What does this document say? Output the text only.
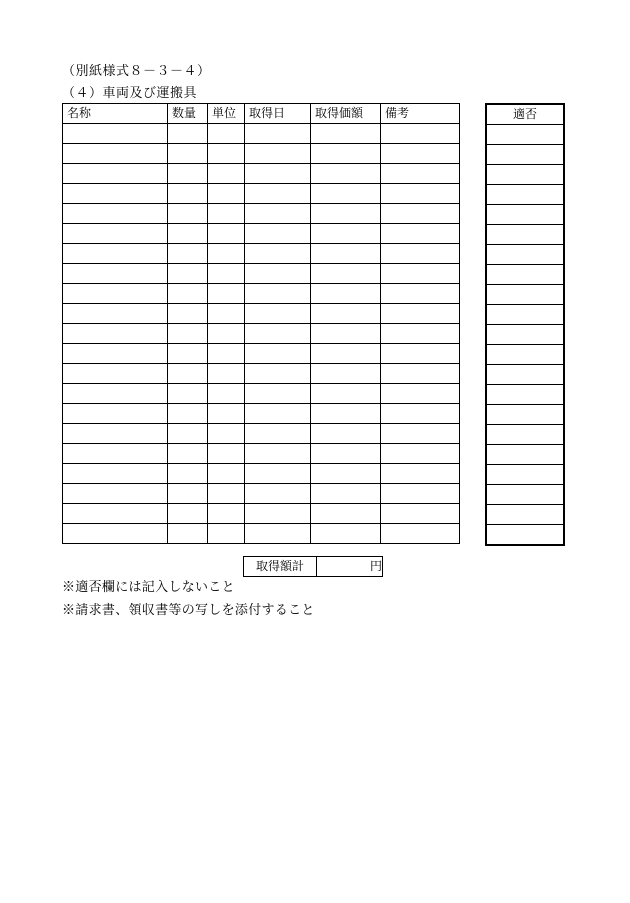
（別紙様式８－３－４）
（４）車両及び運搬具
名称	数量	単位	取得日	取得価額	備考

						適否

取得額計	円
※適否欄には記入しないこと
※請求書、領収書等の写しを添付すること
